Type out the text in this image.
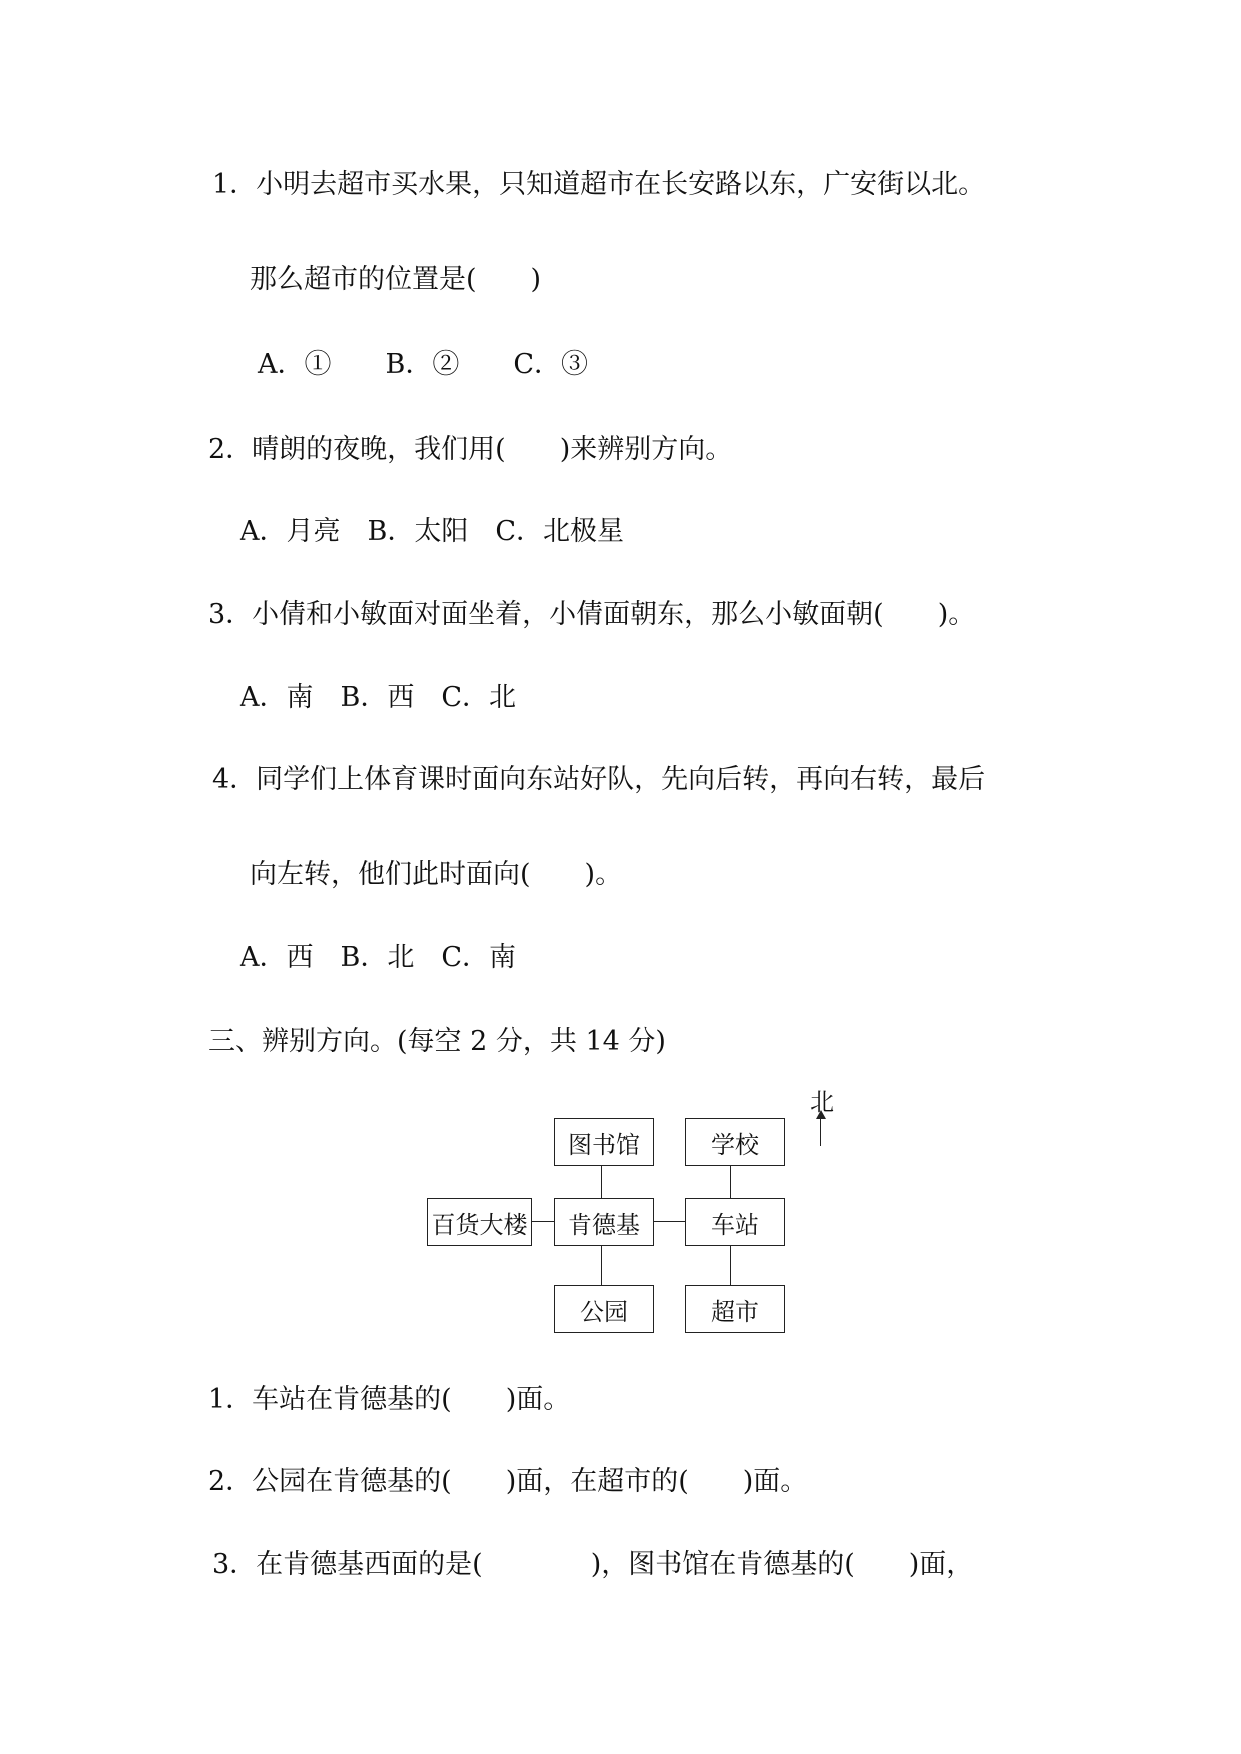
1．小明去超市买水果，只知道超市在长安路以东，广安街以北。
那么超市的位置是(　　)
A．①　　B．②　　C．③
2．晴朗的夜晚，我们用(　　)来辨别方向。
A．月亮　B．太阳　C．北极星
3．小倩和小敏面对面坐着，小倩面朝东，那么小敏面朝(　　)。
A．南　B．西　C．北
4．同学们上体育课时面向东站好队，先向后转，再向右转，最后
向左转，他们此时面向(　　)。
A．西　B．北　C．南
三、辨别方向。(每空 2 分，共 14 分)
北
图书馆	学校
百货大楼	肯德基	车站
公园	超市
1．车站在肯德基的(　　)面。
2．公园在肯德基的(　　)面，在超市的(　　)面。
3．在肯德基西面的是(　　　　)，图书馆在肯德基的(　　)面，
